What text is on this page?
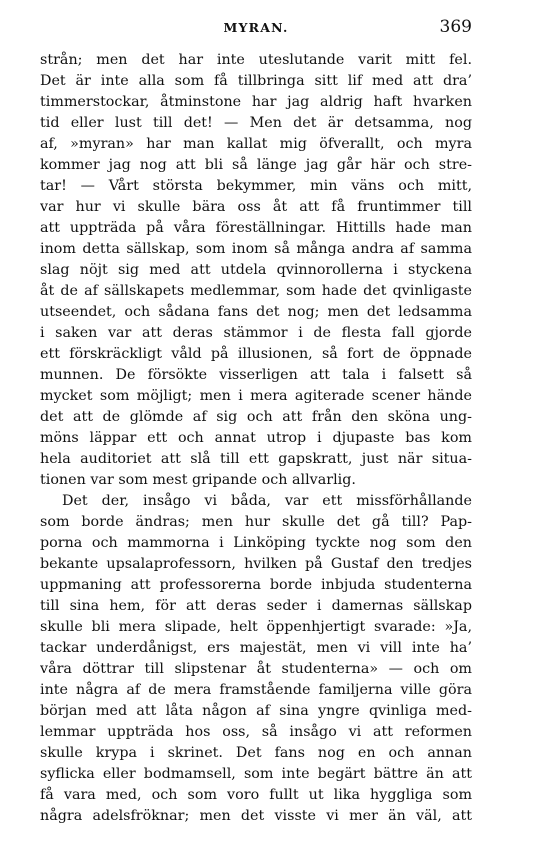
MYRAN.	369
strån; men det har inte uteslutande varit mitt fel.
Det är inte alla som få tillbringa sitt lif med att dra’
timmerstockar, åtminstone har jag aldrig haft hvarken
tid eller lust till det! — Men det är detsamma, nog
af, »myran» har man kallat mig öfverallt, och myra
kommer jag nog att bli så länge jag går här och stre-
tar! — Vårt största bekymmer, min väns och mitt,
var hur vi skulle bära oss åt att få fruntimmer till
att uppträda på våra föreställningar. Hittills hade man
inom detta sällskap, som inom så många andra af samma
slag nöjt sig med att utdela qvinnorollerna i styckena
åt de af sällskapets medlemmar, som hade det qvinligaste
utseendet, och sådana fans det nog; men det ledsamma
i saken var att deras stämmor i de flesta fall gjorde
ett förskräckligt våld på illusionen, så fort de öppnade
munnen. De försökte visserligen att tala i falsett så
mycket som möjligt; men i mera agiterade scener hände
det att de glömde af sig och att från den sköna ung-
möns läppar ett och annat utrop i djupaste bas kom
hela auditoriet att slå till ett gapskratt, just när situa-
tionen var som mest gripande och allvarlig.
Det der, insågo vi båda, var ett missförhållande
som borde ändras; men hur skulle det gå till? Pap-
porna och mammorna i Linköping tyckte nog som den
bekante upsalaprofessorn, hvilken på Gustaf den tredjes
uppmaning att professorerna borde inbjuda studenterna
till sina hem, för att deras seder i damernas sällskap
skulle bli mera slipade, helt öppenhjertigt svarade: »Ja,
tackar underdånigst, ers majestät, men vi vill inte ha’
våra döttrar till slipstenar åt studenterna» — och om
inte några af de mera framstående familjerna ville göra
början med att låta någon af sina yngre qvinliga med-
lemmar uppträda hos oss, så insågo vi att reformen
skulle krypa i skrinet. Det fans nog en och annan
syflicka eller bodmamsell, som inte begärt bättre än att
få vara med, och som voro fullt ut lika hyggliga som
några adelsfröknar; men det visste vi mer än väl, att
